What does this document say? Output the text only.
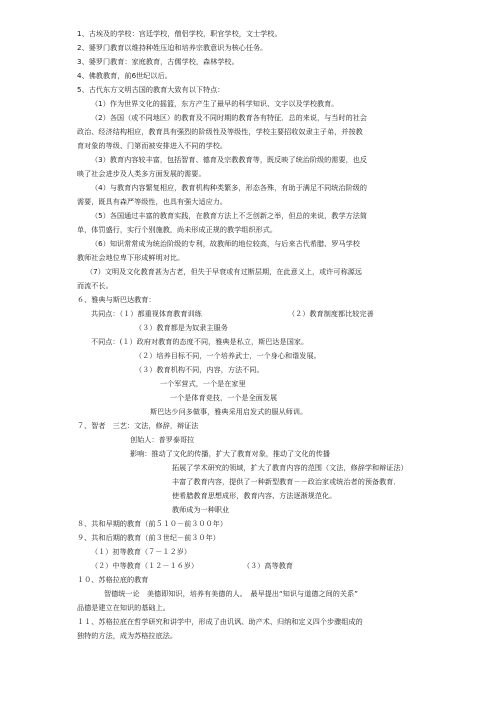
1、古埃及的学校：宫廷学校，僧侣学校，职官学校，文士学校。
2、婆罗门教育以维持种姓压迫和培养宗教意识为核心任务。
3、婆罗门教育：家庭教育，古儒学校，森林学校。
4、佛教教育，前6世纪以后。
5、古代东方文明古国的教育大致有以下特点：
（1）作为世界文化的摇篮，东方产生了最早的科学知识、文字以及学校教育。
（2）各国（或不同地区）的教育及不同时期的教育各有特征．总的来说，与当时的社会
政治、经济结构相应，教育具有强烈的阶级性及等级性，学校主要招收奴隶主子弟，并按教
育对象的等级、门第而被安排进入不同的学校。
（3）教育内容较丰富，包括智育、德育及宗教教育等，既反映了统治阶级的需要，也反
映了社会进步及人类多方面发展的需要。
（4）与教育内容繁复相应，教育机构种类繁多，形态各殊，有助于满足不同统治阶级的
需要，既具有森严等级性，也具有强大适应力。
（5）各国通过丰富的教育实践，在教育方法上不乏创新之举，但总的来说，教学方法简
单，体罚盛行，实行个别施教，尚未形成正规的教学组织形式。
（6）知识常常成为统治阶级的专利，故教师的地位较高，与后来古代希腊、罗马学校
教师社会地位卑下形成鲜明对比。
（7）文明及文化教育甚为古老，但失于早衰或有过断层期，在此意义上，或许可称源远
而流不长。
６、雅典与斯巴达教育：
共同点：（１）都重视体育教育训练	（２）教育制度都比较完善
（３）教育都是为奴隶主服务
不同点：(１）政府对教育的态度不同，雅典是私立，斯巴达是国家。
（２）培养目标不同，一个培养武士，一个身心和谐发展。
（３）教育机构不同，内容，方法不同。
一个军营式，一个是在家里
一个是体育竞技，一个是全面发展
斯巴达少问多做事，雅典采用启发式的服从师训。
７、智者　三艺：文法，修辞，辩证法
创始人：普罗泰哥拉
影响：推动了文化的传播，扩大了教育对象，推动了文化的传播
拓展了学术研究的领域，扩大了教育内容的范围（文法，修辞学和辩证法）
丰富了教育内容，提供了一种新型教育－－政治家或统治者的预备教育．
使希腊教育思想成形，教育内容、方法逐渐规范化。
教师成为一种职业
８、共和早期的教育（前５１０－前３００年）
９、共和后期的教育（前３世纪－前３０年）
（１）初等教育（７－１２岁）
（２）中等教育（１２－１６岁）	（３）高等教育
１０、苏格拉底的教育
智德统一论　美德即知识，培养有美德的人。　最早提出“知识与道德之间的关系”
品德是建立在知识的基础上。
１１、苏格拉底在哲学研究和讲学中，形成了由讥讽、助产术、归纳和定义四个步骤组成的
独特的方法，成为苏格拉底法。
